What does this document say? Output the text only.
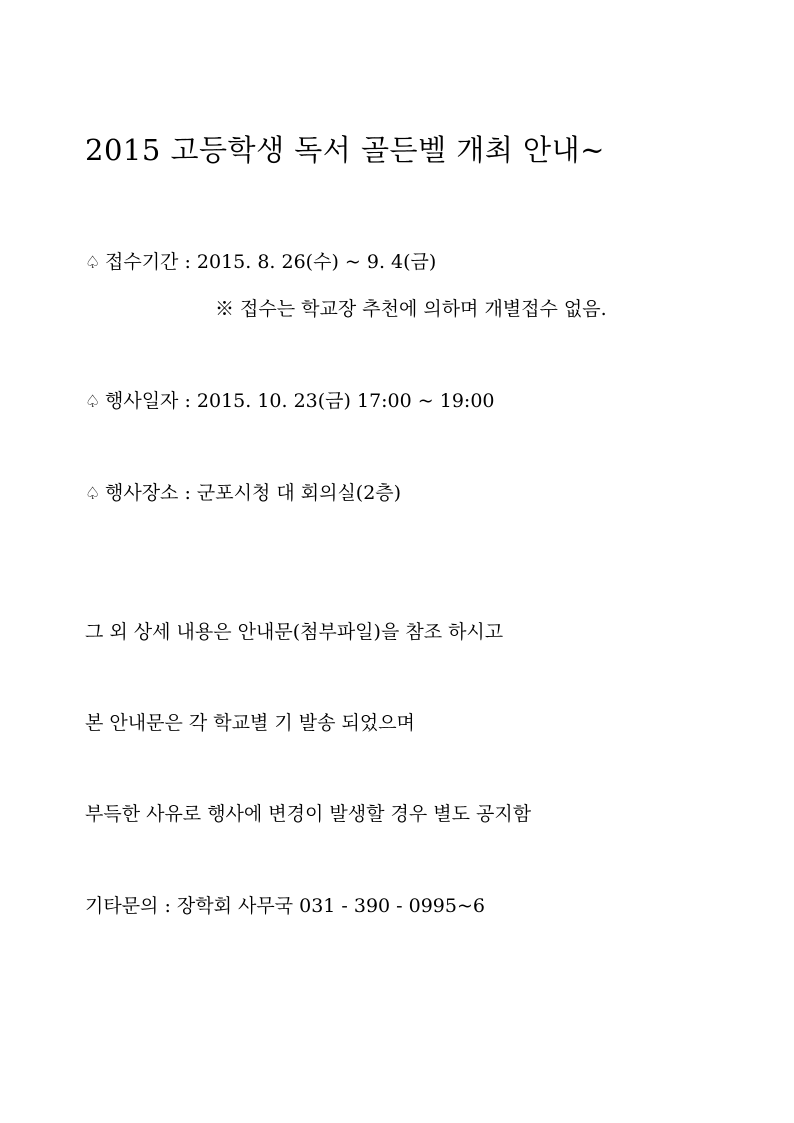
2015 고등학생 독서 골든벨 개최 안내~
♤ 접수기간 : 2015. 8. 26(수) ~ 9. 4(금)
※ 접수는 학교장 추천에 의하며 개별접수 없음.
♤ 행사일자 : 2015. 10. 23(금) 17:00 ~ 19:00
♤ 행사장소 : 군포시청 대 회의실(2층)
그 외 상세 내용은 안내문(첨부파일)을 참조 하시고
본 안내문은 각 학교별 기 발송 되었으며
부득한 사유로 행사에 변경이 발생할 경우 별도 공지함
기타문의 : 장학회 사무국 031 - 390 - 0995~6
